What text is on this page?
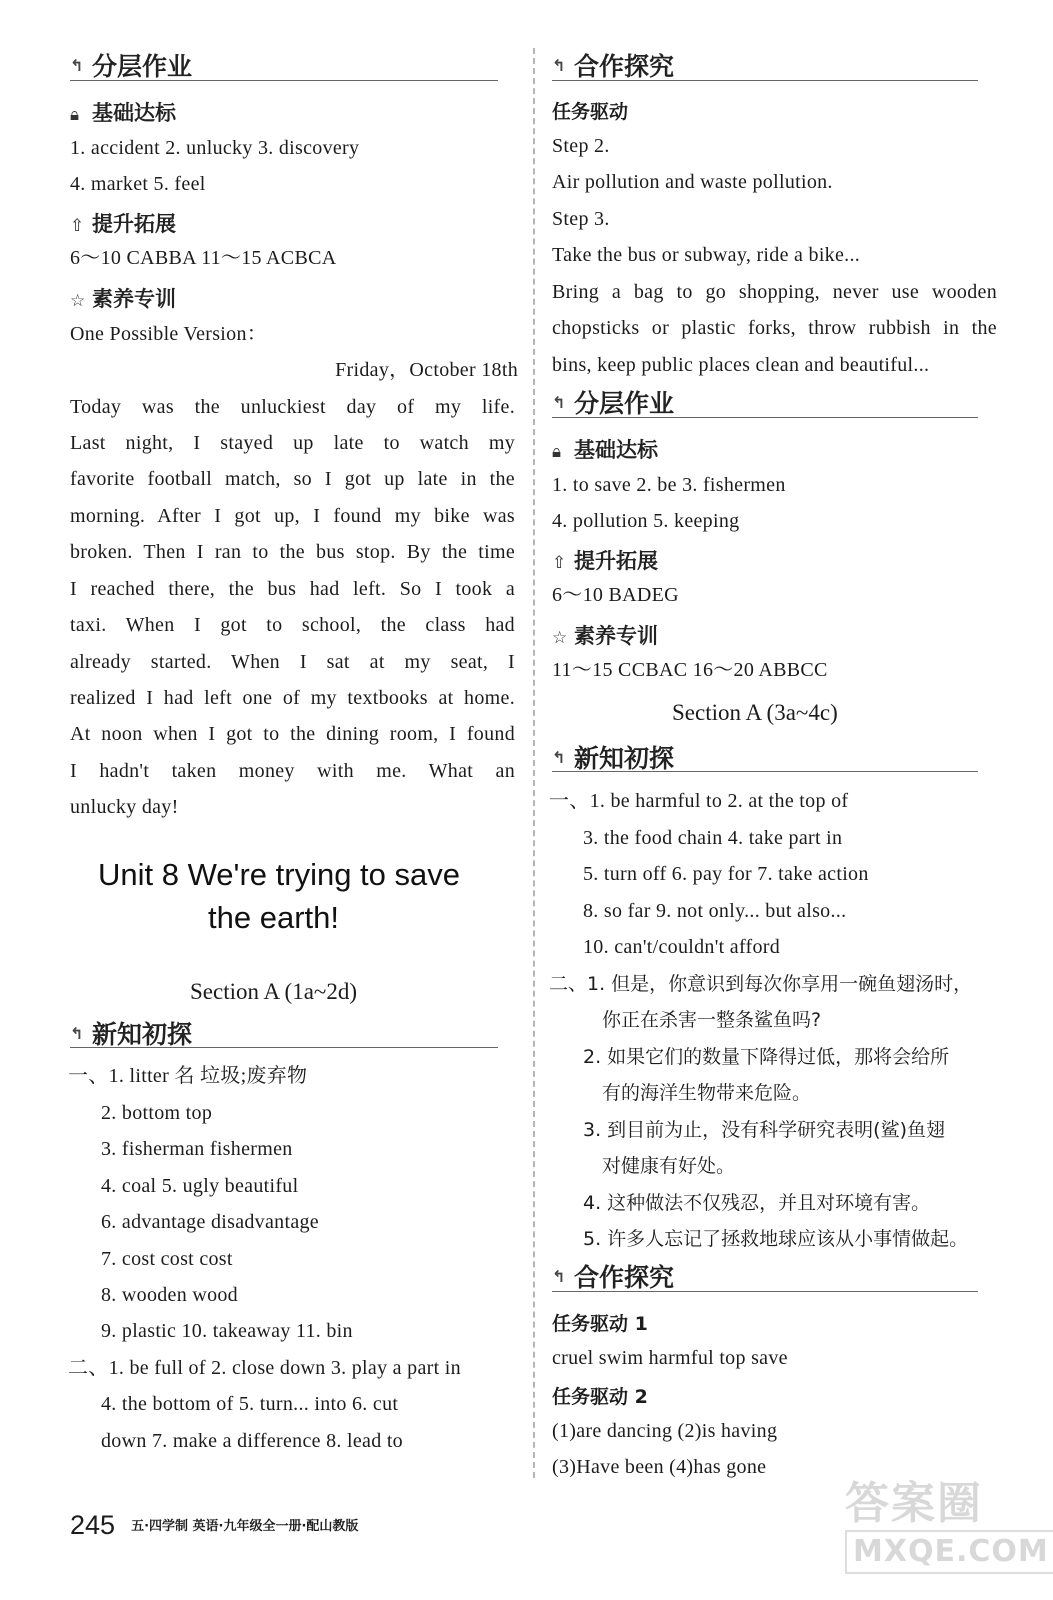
↰ 分层作业
🔒︎ 基础达标
1. accident 2. unlucky 3. discovery
4. market 5. feel
⇧ 提升拓展
6～10 CABBA 11～15 ACBCA
☆ 素养专训
One Possible Version：
Friday，October 18th
Today was the unluckiest day of my life.
Last night, I stayed up late to watch my
favorite football match, so I got up late in the
morning. After I got up, I found my bike was
broken. Then I ran to the bus stop. By the time
I reached there, the bus had left. So I took a
taxi. When I got to school, the class had
already started. When I sat at my seat, I
realized I had left one of my textbooks at home.
At noon when I got to the dining room, I found
I hadn't taken money with me. What an
unlucky day!
Unit 8 We're trying to save
the earth!
Section A (1a~2d)
↰ 新知初探
一、1. litter 名 垃圾;废弃物
2. bottom top
3. fisherman fishermen
4. coal 5. ugly beautiful
6. advantage disadvantage
7. cost cost cost
8. wooden wood
9. plastic 10. takeaway 11. bin
二、1. be full of 2. close down 3. play a part in
4. the bottom of 5. turn... into 6. cut
down 7. make a difference 8. lead to
↰ 合作探究
任务驱动
Step 2.
Air pollution and waste pollution.
Step 3.
Take the bus or subway, ride a bike...
Bring a bag to go shopping, never use wooden
chopsticks or plastic forks, throw rubbish in the
bins, keep public places clean and beautiful...
↰ 分层作业
🔒︎ 基础达标
1. to save 2. be 3. fishermen
4. pollution 5. keeping
⇧ 提升拓展
6～10 BADEG
☆ 素养专训
11～15 CCBAC 16～20 ABBCC
Section A (3a~4c)
↰ 新知初探
一、1. be harmful to 2. at the top of
3. the food chain 4. take part in
5. turn off 6. pay for 7. take action
8. so far 9. not only... but also...
10. can't/couldn't afford
二、1. 但是，你意识到每次你享用一碗鱼翅汤时，
你正在杀害一整条鲨鱼吗?
2. 如果它们的数量下降得过低，那将会给所
有的海洋生物带来危险。
3. 到目前为止，没有科学研究表明(鲨)鱼翅
对健康有好处。
4. 这种做法不仅残忍，并且对环境有害。
5. 许多人忘记了拯救地球应该从小事情做起。
↰ 合作探究
任务驱动 1
cruel swim harmful top save
任务驱动 2
(1)are dancing (2)is having
(3)Have been (4)has gone
245 $^{五\cdot 四学制 英语\cdot 九年级全一册\cdot 配山教版}$	答案圈
MXQE.COM
